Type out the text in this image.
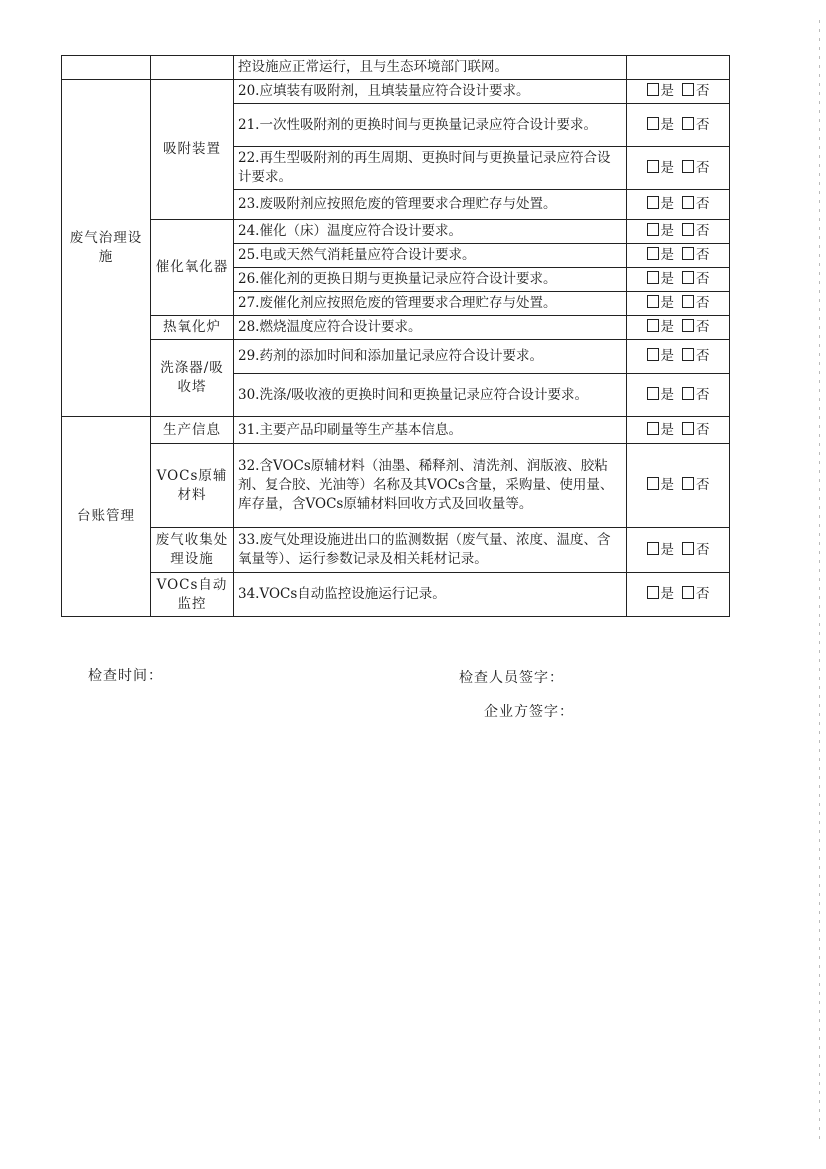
		控设施应正常运行，且与生态环境部门联网。	
废气治理设施	吸附装置	20.应填装有吸附剂，且填装量应符合设计要求。	是 否
		21.一次性吸附剂的更换时间与更换量记录应符合设计要求。	是 否
		22.再生型吸附剂的再生周期、更换时间与更换量记录应符合设计要求。	是 否
		23.废吸附剂应按照危废的管理要求合理贮存与处置。	是 否
	催化氧化器	24.催化（床）温度应符合设计要求。	是 否
		25.电或天然气消耗量应符合设计要求。	是 否
		26.催化剂的更换日期与更换量记录应符合设计要求。	是 否
		27.废催化剂应按照危废的管理要求合理贮存与处置。	是 否
	热氧化炉	28.燃烧温度应符合设计要求。	是 否
	洗涤器/吸收塔	29.药剂的添加时间和添加量记录应符合设计要求。	是 否
		30.洗涤/吸收液的更换时间和更换量记录应符合设计要求。	是 否
台账管理	生产信息	31.主要产品印刷量等生产基本信息。	是 否
	VOCs原辅材料	32.含VOCs原辅材料（油墨、稀释剂、清洗剂、润版液、胶粘剂、复合胶、光油等）名称及其VOCs含量，采购量、使用量、库存量，含VOCs原辅材料回收方式及回收量等。	是 否
	废气收集处理设施	33.废气处理设施进出口的监测数据（废气量、浓度、温度、含氧量等）、运行参数记录及相关耗材记录。	是 否
	VOCs自动监控	34.VOCs自动监控设施运行记录。	是 否
检查时间：	检查人员签字：
企业方签字：
